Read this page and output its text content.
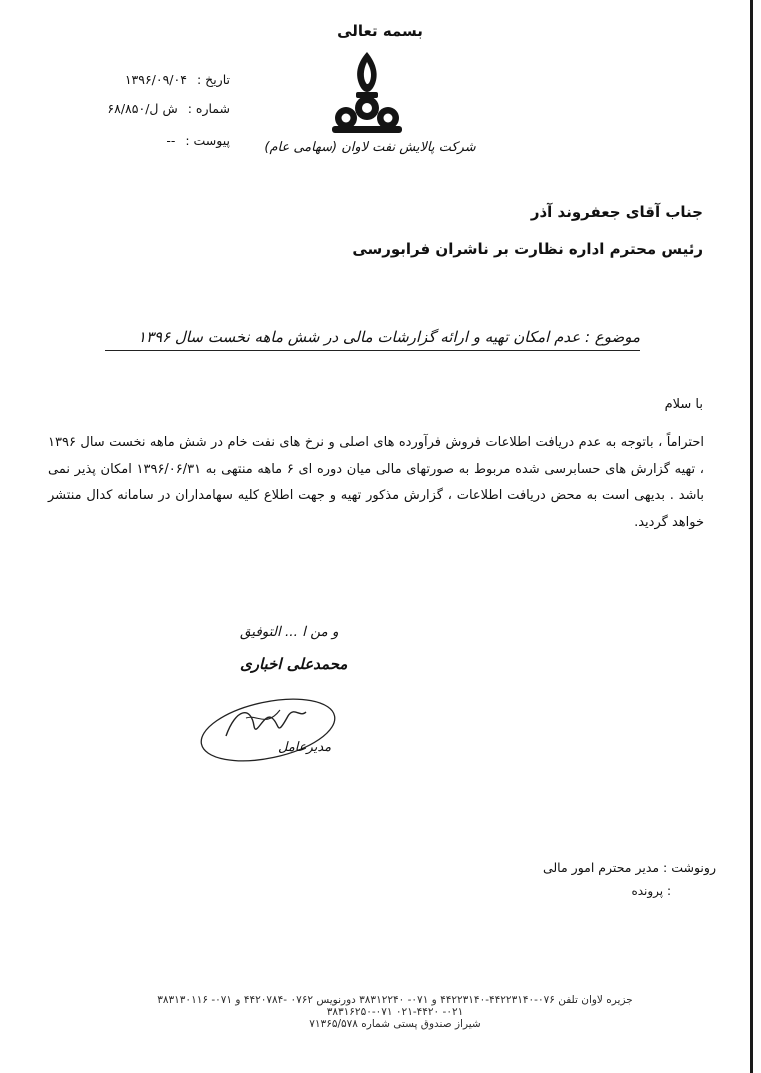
بسمه تعالی
شرکت پالایش نفت لاوان (سهامی عام)
تاریخ : ۱۳۹۶/۰۹/۰۴
شماره : ش ل/۶۸/۸۵۰
پیوست : --
جناب آقای جعفروند آذر
رئیس محترم اداره نظارت بر ناشران فرابورسی
موضوع : عدم امکان تهیه و ارائه گزارشات مالی در شش ماهه نخست سال ۱۳۹۶
با سلام
احتراماً ، باتوجه به عدم دریافت اطلاعات فروش فرآورده های اصلی و نرخ های نفت خام در شش ماهه نخست سال ۱۳۹۶ ، تهیه گزارش های حسابرسی شده مربوط به صورتهای مالی میان دوره ای ۶ ماهه منتهی به ۱۳۹۶/۰۶/۳۱ امکان پذیر نمی باشد . بدیهی است به محض دریافت اطلاعات ، گزارش مذکور تهیه و جهت اطلاع کلیه سهامداران در سامانه کدال منتشر خواهد گردید.
و من ا ... التوفیق
محمدعلی اخباری
مدیرعامل
رونوشت : مدیر محترم امور مالی
: پرونده
جزیره لاوان تلفن ۰۷۶-۴۴۲۲۳۱۴۰-۴۴۲۲۳۱۴۰ و ۰۷۱- ۳۸۳۱۲۲۴۰ دورنویس ۰۷۶۲ -۴۴۲۰۷۸۴ و ۰۷۱- ۳۸۳۱۳۰۱۱۶ ۰۲۱- ۴۴۲۰-۰۲۱ ۰۷۱-۳۸۳۱۶۲۵۰
شیراز صندوق پستی شماره ۷۱۳۶۵/۵۷۸
